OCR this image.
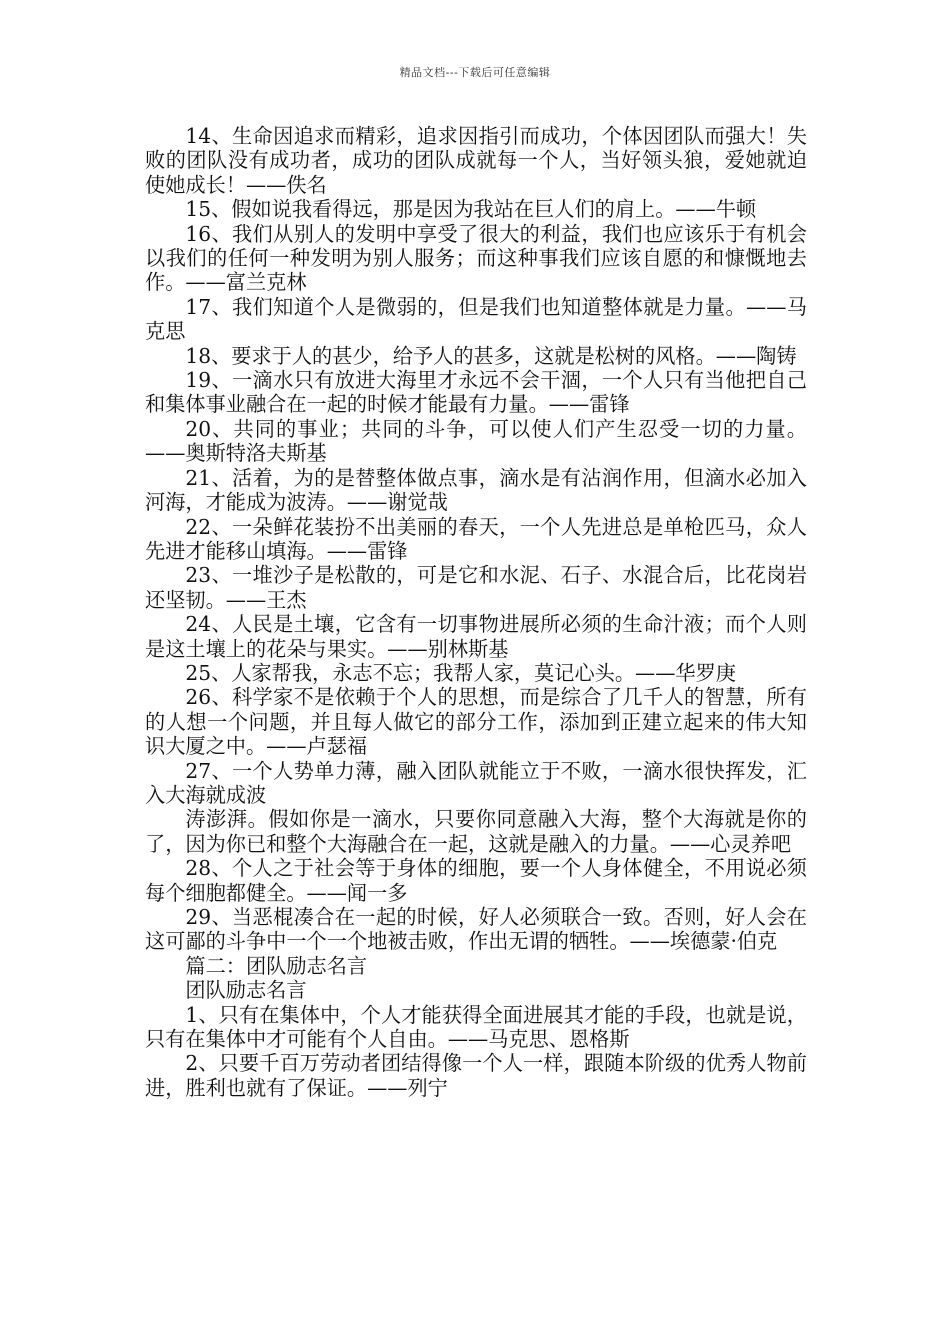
精品文档---下载后可任意编辑

14、生命因追求而精彩，追求因指引而成功，个体因团队而强大！失败的团队没有成功者，成功的团队成就每一个人，当好领头狼，爱她就迫使她成长！——佚名

15、假如说我看得远，那是因为我站在巨人们的肩上。——牛顿

16、我们从别人的发明中享受了很大的利益，我们也应该乐于有机会以我们的任何一种发明为别人服务；而这种事我们应该自愿的和慷慨地去作。——富兰克林

17、我们知道个人是微弱的，但是我们也知道整体就是力量。——马克思

18、要求于人的甚少，给予人的甚多，这就是松树的风格。——陶铸

19、一滴水只有放进大海里才永远不会干涸，一个人只有当他把自己和集体事业融合在一起的时候才能最有力量。——雷锋

20、共同的事业；共同的斗争，可以使人们产生忍受一切的力量。——奥斯特洛夫斯基

21、活着，为的是替整体做点事，滴水是有沾润作用，但滴水必加入河海，才能成为波涛。——谢觉哉

22、一朵鲜花装扮不出美丽的春天，一个人先进总是单枪匹马，众人先进才能移山填海。——雷锋

23、一堆沙子是松散的，可是它和水泥、石子、水混合后，比花岗岩还坚韧。——王杰

24、人民是土壤，它含有一切事物进展所必须的生命汁液；而个人则是这土壤上的花朵与果实。——别林斯基

25、人家帮我，永志不忘；我帮人家，莫记心头。——华罗庚

26、科学家不是依赖于个人的思想，而是综合了几千人的智慧，所有的人想一个问题，并且每人做它的部分工作，添加到正建立起来的伟大知识大厦之中。——卢瑟福

27、一个人势单力薄，融入团队就能立于不败，一滴水很快挥发，汇入大海就成波

涛澎湃。假如你是一滴水，只要你同意融入大海，整个大海就是你的了，因为你已和整个大海融合在一起，这就是融入的力量。——心灵养吧

28、个人之于社会等于身体的细胞，要一个人身体健全，不用说必须每个细胞都健全。——闻一多

29、当恶棍凑合在一起的时候，好人必须联合一致。否则，好人会在这可鄙的斗争中一个一个地被击败，作出无谓的牺牲。——埃德蒙·伯克

篇二：团队励志名言

团队励志名言

1、只有在集体中，个人才能获得全面进展其才能的手段，也就是说，只有在集体中才可能有个人自由。——马克思、恩格斯

2、只要千百万劳动者团结得像一个人一样，跟随本阶级的优秀人物前进，胜利也就有了保证。——列宁
